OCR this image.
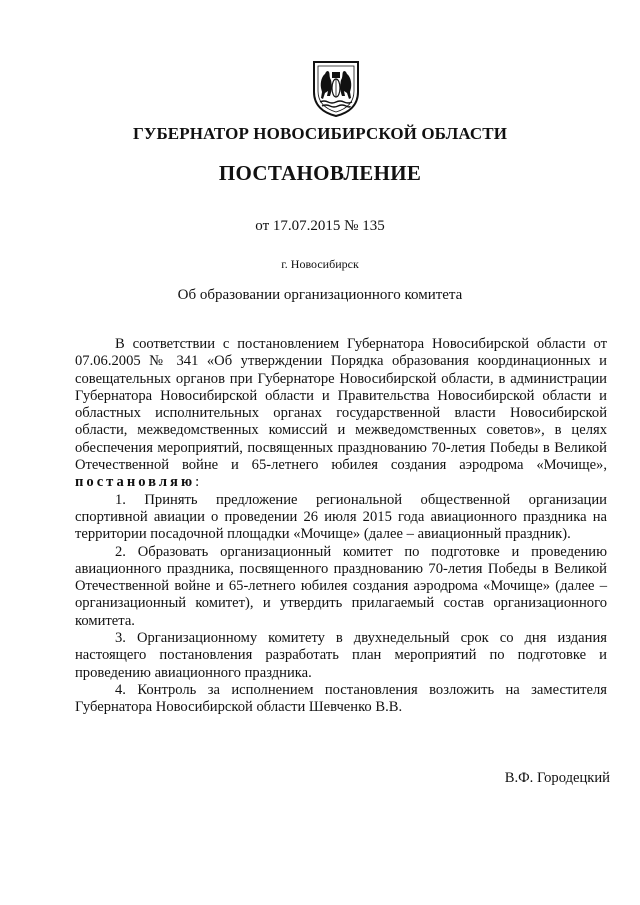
ГУБЕРНАТОР НОВОСИБИРСКОЙ ОБЛАСТИ
ПОСТАНОВЛЕНИЕ
от 17.07.2015 № 135
г. Новосибирск
Об образовании организационного комитета

В соответствии с постановлением Губернатора Новосибирской области от 07.06.2005 № 341 «Об утверждении Порядка образования координационных и совещательных органов при Губернаторе Новосибирской области, в администрации Губернатора Новосибирской области и Правительства Новосибирской области и областных исполнительных органах государственной власти Новосибирской области, межведомственных комиссий и межведомственных советов», в целях обеспечения мероприятий, посвященных празднованию 70-летия Победы в Великой Отечественной войне и 65-летнего юбилея создания аэродрома «Мочище», постановляю:

1. Принять предложение региональной общественной организации спортивной авиации о проведении 26 июля 2015 года авиационного праздника на территории посадочной площадки «Мочище» (далее – авиационный праздник).

2. Образовать организационный комитет по подготовке и проведению авиационного праздника, посвященного празднованию 70-летия Победы в Великой Отечественной войне и 65-летнего юбилея создания аэродрома «Мочище» (далее – организационный комитет), и утвердить прилагаемый состав организационного комитета.

3. Организационному комитету в двухнедельный срок со дня издания настоящего постановления разработать план мероприятий по подготовке и проведению авиационного праздника.

4. Контроль за исполнением постановления возложить на заместителя Губернатора Новосибирской области Шевченко В.В.

В.Ф. Городецкий
